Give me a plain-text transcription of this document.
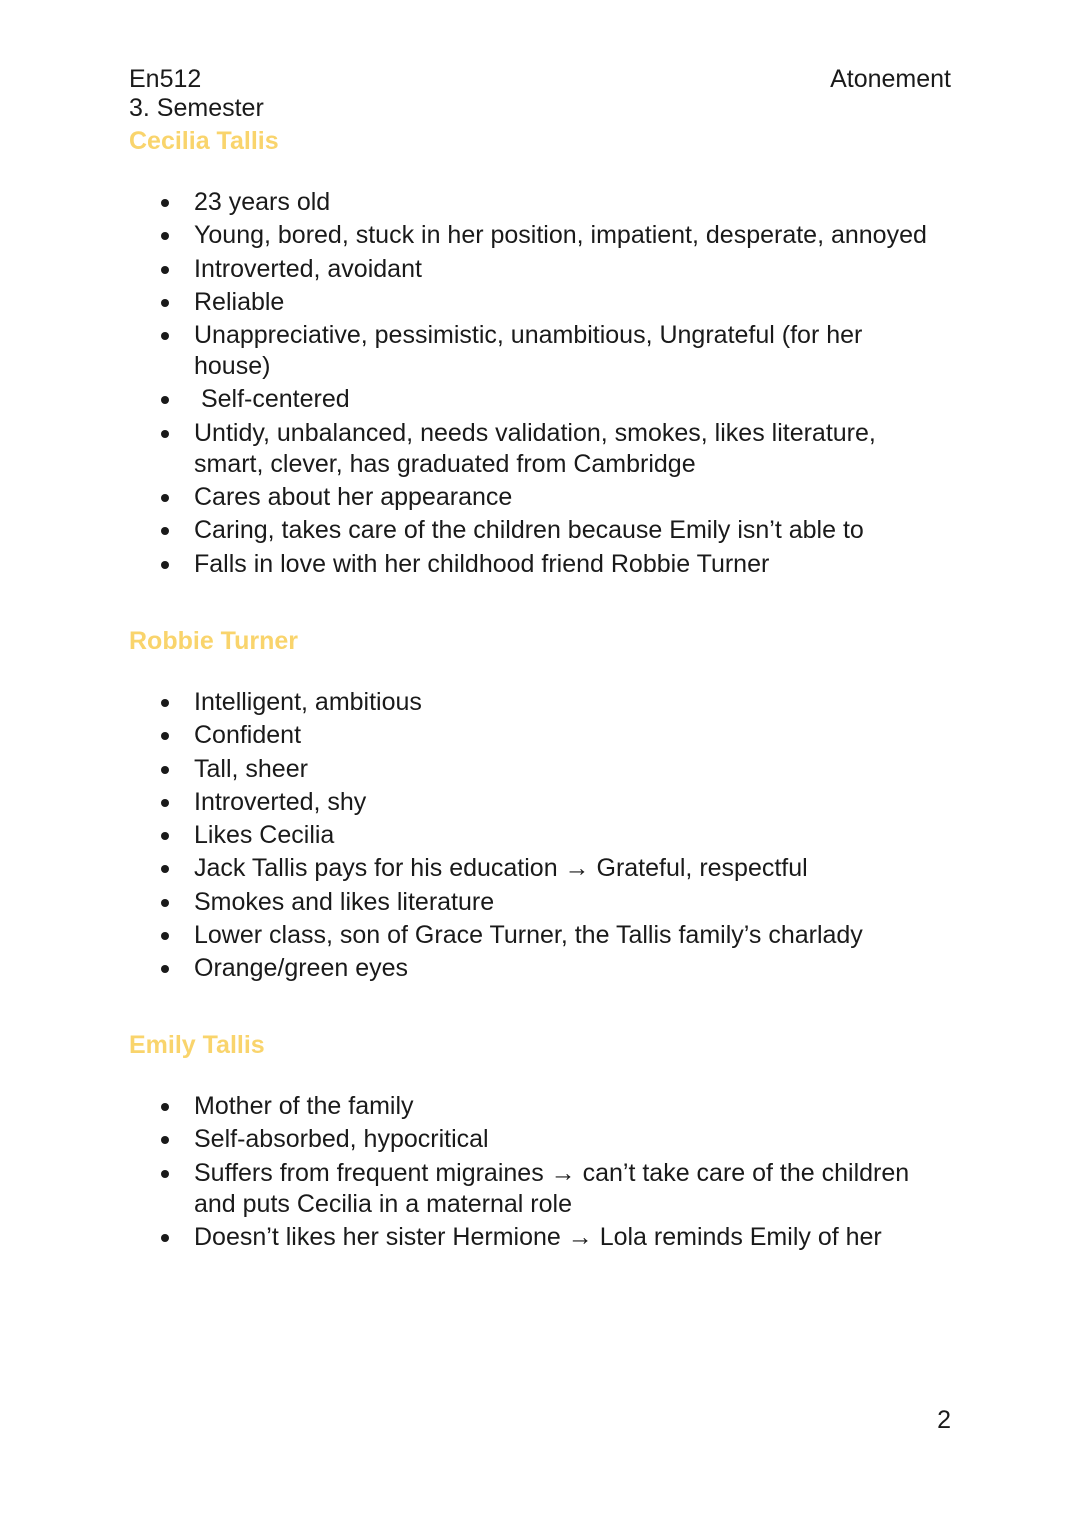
En512
3. Semester
Atonement
Cecilia Tallis
23 years old
Young, bored, stuck in her position, impatient, desperate, annoyed
Introverted, avoidant
Reliable
Unappreciative, pessimistic, unambitious, Ungrateful (for her house)
Self-centered
Untidy, unbalanced, needs validation, smokes, likes literature, smart, clever, has graduated from Cambridge
Cares about her appearance
Caring, takes care of the children because Emily isn’t able to
Falls in love with her childhood friend Robbie Turner
Robbie Turner
Intelligent, ambitious
Confident
Tall, sheer
Introverted, shy
Likes Cecilia
Jack Tallis pays for his education → Grateful, respectful
Smokes and likes literature
Lower class, son of Grace Turner, the Tallis family’s charlady
Orange/green eyes
Emily Tallis
Mother of the family
Self-absorbed, hypocritical
Suffers from frequent migraines → can’t take care of the children and puts Cecilia in a maternal role
Doesn’t likes her sister Hermione → Lola reminds Emily of her
2
